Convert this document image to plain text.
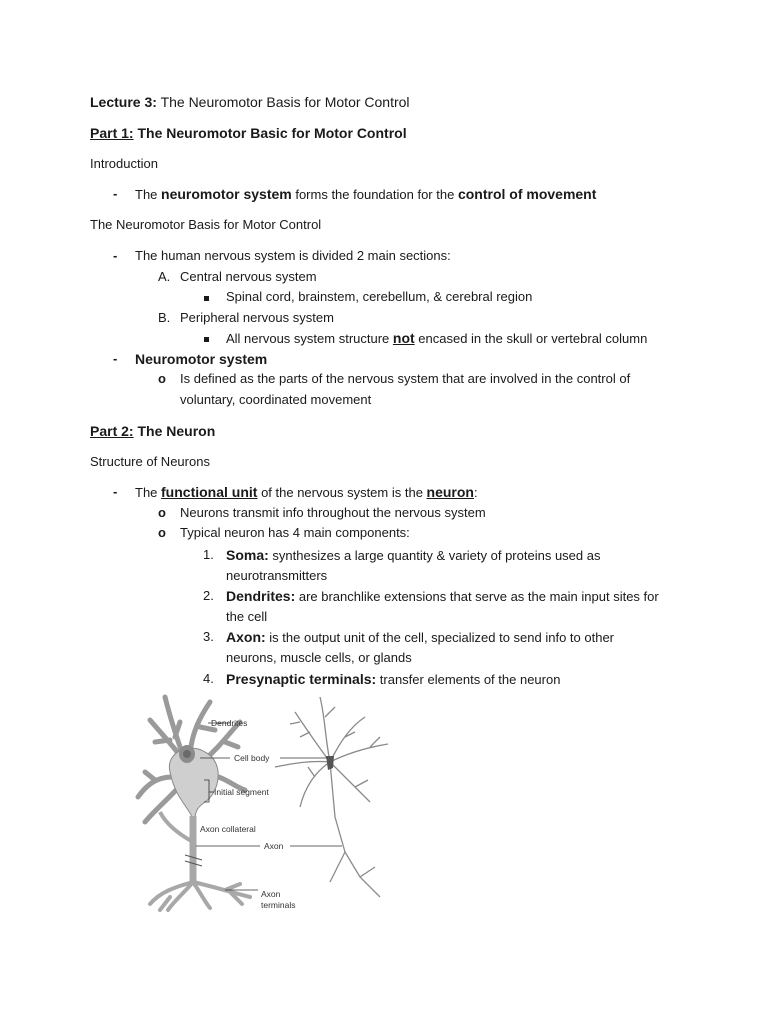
Lecture 3: The Neuromotor Basis for Motor Control
Part 1: The Neuromotor Basic for Motor Control
Introduction
- The neuromotor system forms the foundation for the control of movement
The Neuromotor Basis for Motor Control
- The human nervous system is divided 2 main sections:
A. Central nervous system
Spinal cord, brainstem, cerebellum, & cerebral region
B. Peripheral nervous system
All nervous system structure not encased in the skull or vertebral column
- Neuromotor system
o Is defined as the parts of the nervous system that are involved in the control of
voluntary, coordinated movement
Part 2: The Neuron
Structure of Neurons
- The functional unit of the nervous system is the neuron:
o Neurons transmit info throughout the nervous system
o Typical neuron has 4 main components:
1. Soma: synthesizes a large quantity & variety of proteins used as
neurotransmitters
2. Dendrites: are branchlike extensions that serve as the main input sites for
the cell
3. Axon: is the output unit of the cell, specialized to send info to other
neurons, muscle cells, or glands
4. Presynaptic terminals: transfer elements of the neuron
Dendrites
Cell body
Initial segment
Axon collateral
Axon
Axon
terminals
